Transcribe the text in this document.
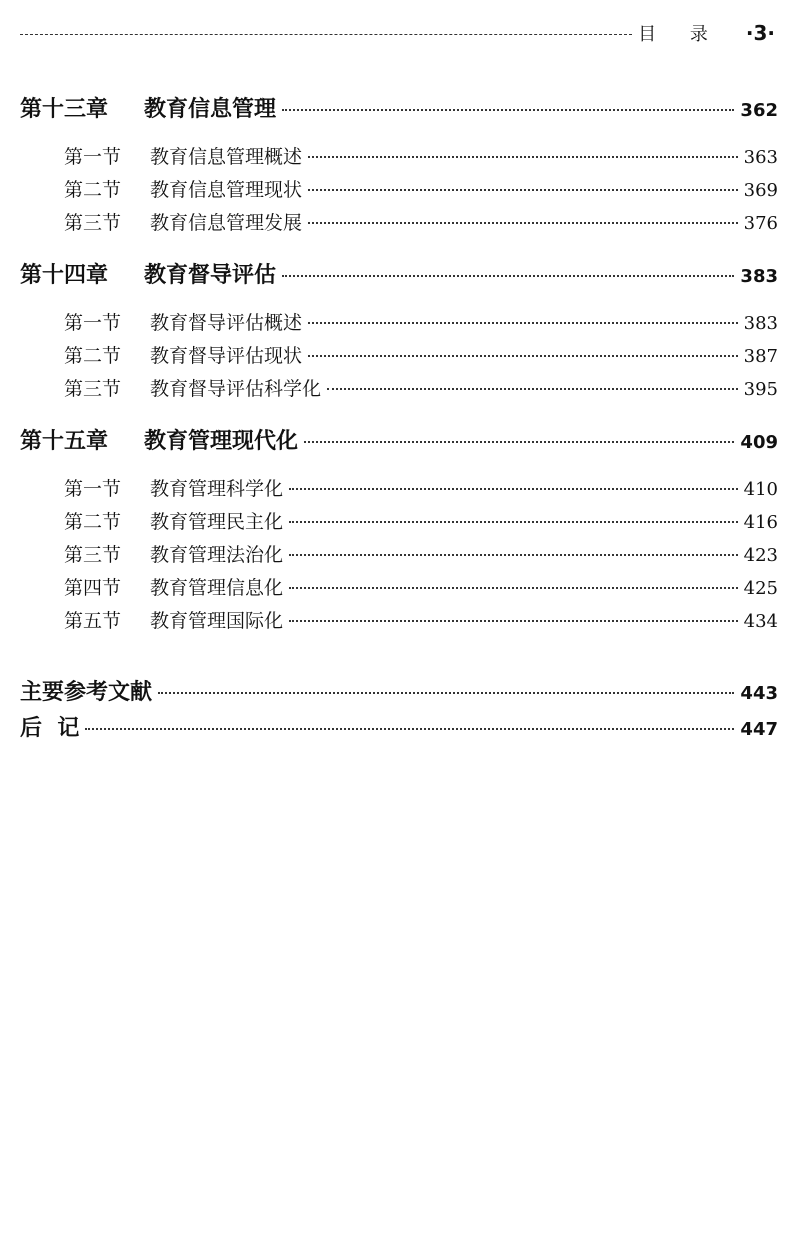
目 录 ·3·
第十三章	教育信息管理	362
第一节	教育信息管理概述	363
第二节	教育信息管理现状	369
第三节	教育信息管理发展	376
第十四章	教育督导评估	383
第一节	教育督导评估概述	383
第二节	教育督导评估现状	387
第三节	教育督导评估科学化	395
第十五章	教育管理现代化	409
第一节	教育管理科学化	410
第二节	教育管理民主化	416
第三节	教育管理法治化	423
第四节	教育管理信息化	425
第五节	教育管理国际化	434
主要参考文献	443
后  记	447
